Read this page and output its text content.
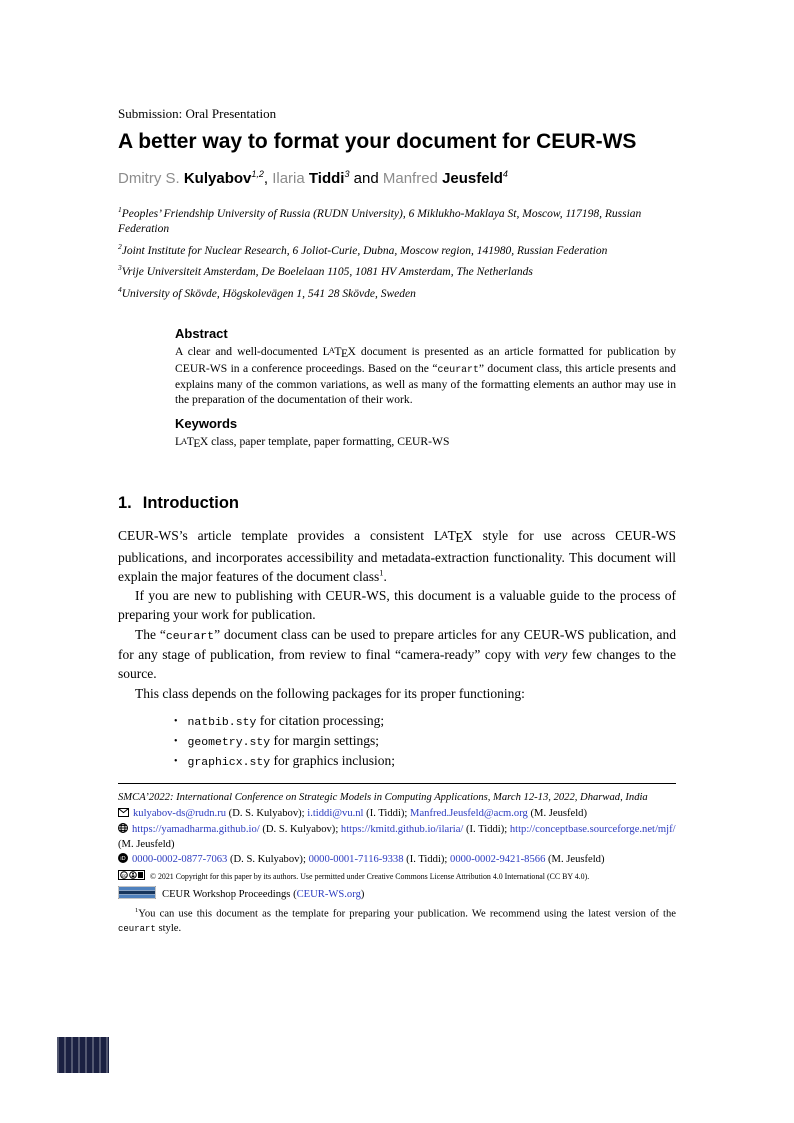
Submission: Oral Presentation
A better way to format your document for CEUR-WS
Dmitry S. Kulyabov$^{1,2}$, Ilaria Tiddi$^3$ and Manfred Jeusfeld$^4$
$^1$Peoples’ Friendship University of Russia (RUDN University), 6 Miklukho-Maklaya St, Moscow, 117198, Russian Federation
$^2$Joint Institute for Nuclear Research, 6 Joliot-Curie, Dubna, Moscow region, 141980, Russian Federation
$^3$Vrije Universiteit Amsterdam, De Boelelaan 1105, 1081 HV Amsterdam, The Netherlands
$^4$University of Skövde, Högskolevägen 1, 541 28 Skövde, Sweden
Abstract

A clear and well-documented LATEX document is presented as an article formatted for publication by CEUR-WS in a conference proceedings. Based on the “ceurart” document class, this article presents and explains many of the common variations, as well as many of the formatting elements an author may use in the preparation of the documentation of their work.

Keywords

LATEX class, paper template, paper formatting, CEUR-WS

1. Introduction

CEUR-WS’s article template provides a consistent LATEX style for use across CEUR-WS publications, and incorporates accessibility and metadata-extraction functionality. This document will explain the major features of the document class$^1$.

If you are new to publishing with CEUR-WS, this document is a valuable guide to the process of preparing your work for publication.

The “ceurart” document class can be used to prepare articles for any CEUR-WS publication, and for any stage of publication, from review to final “camera-ready” copy with very few changes to the source.

This class depends on the following packages for its proper functioning:

• natbib.sty for citation processing;
• geometry.sty for margin settings;
• graphicx.sty for graphics inclusion;

SMCA’2022: International Conference on Strategic Models in Computing Applications, March 12-13, 2022, Dharwad, India

kulyabov-ds@rudn.ru (D. S. Kulyabov); i.tiddi@vu.nl (I. Tiddi); Manfred.Jeusfeld@acm.org (M. Jeusfeld)
https://yamadharma.github.io/ (D. S. Kulyabov); https://kmitd.github.io/ilaria/ (I. Tiddi); http://conceptbase.sourceforge.net/mjf/ (M. Jeusfeld)
iD 0000-0002-0877-7063 (D. S. Kulyabov); 0000-0001-7116-9338 (I. Tiddi); 0000-0002-9421-8566 (M. Jeusfeld)
cc	© 2021 Copyright for this paper by its authors. Use permitted under Creative Commons License Attribution 4.0 International (CC BY 4.0).
CEUR Workshop Proceedings (CEUR-WS.org)

$^1$You can use this document as the template for preparing your publication. We recommend using the latest version of the ceurart style.
